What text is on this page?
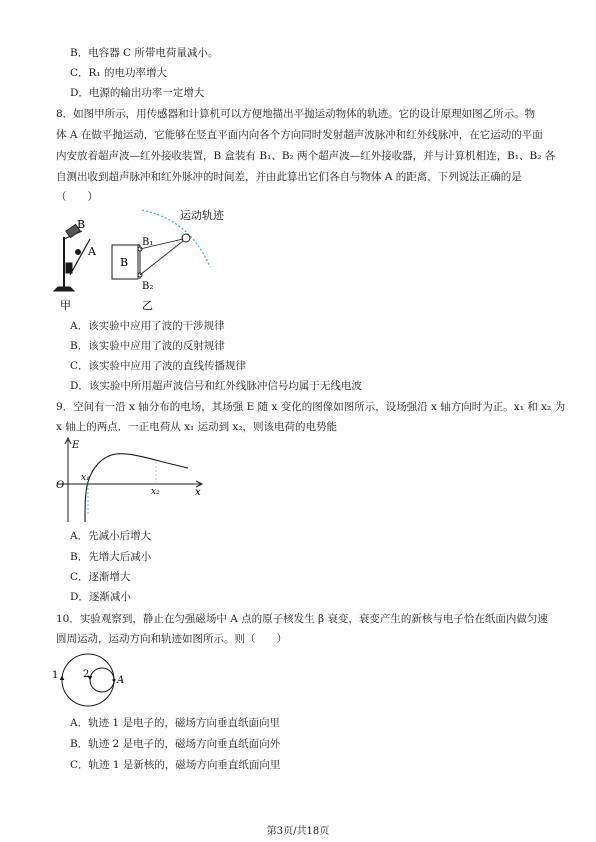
B．电容器 C 所带电荷量减小。
C．R₁ 的电功率增大
D．电源的输出功率一定增大
8．如图甲所示，用传感器和计算机可以方便地描出平抛运动物体的轨迹。它的设计原理如图乙所示。物
体 A 在做平抛运动，它能够在竖直平面内向各个方向同时发射超声波脉冲和红外线脉冲，在它运动的平面
内安放着超声波—红外接收装置，B 盒装有 B₁、B₂ 两个超声波—红外接收器，并与计算机相连，B₁、B₂ 各
自测出收到超声脉冲和红外脉冲的时间差，并由此算出它们各自与物体 A 的距离，下列说法正确的是
（　　）
B
A
甲
B
B₁
B₂
运动轨迹
乙
A．该实验中应用了波的干涉规律
B．该实验中应用了波的反射规律
C．该实验中应用了波的直线传播规律
D．该实验中所用超声波信号和红外线脉冲信号均属于无线电波
9．空间有一沿 x 轴分布的电场，其场强 E 随 x 变化的图像如图所示，设场强沿 x 轴方向时为正。x₁ 和 x₂ 为
x 轴上的两点．一正电荷从 x₁ 运动到 x₂，则该电荷的电势能
E
O
x
x₁
x₂
A．先减小后增大
B．先增大后减小
C．逐渐增大
D．逐渐减小
10．实验观察到，静止在匀强磁场中 A 点的原子核发生 β 衰变，衰变产生的新核与电子恰在纸面内做匀速
圆周运动，运动方向和轨迹如图所示。则（　　）
1 2
A
A．轨迹 1 是电子的，磁场方向垂直纸面向里
B．轨迹 2 是电子的，磁场方向垂直纸面向外
C．轨迹 1 是新核的，磁场方向垂直纸面向里
第3页/共18页
